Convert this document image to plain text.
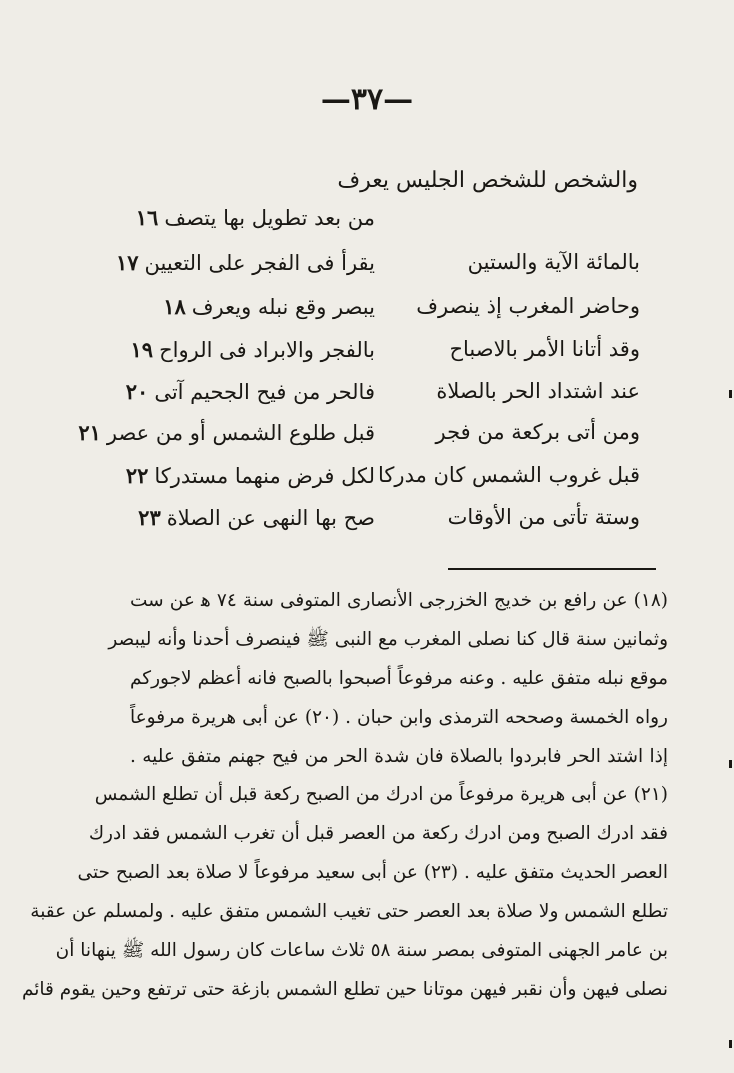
—٣٧—
والشخص للشخص الجليس يعرف
من بعد تطويل بها يتصف١٦
بالمائة الآية والستين
يقرأ فى الفجر على التعيين١٧
وحاضر المغرب إذ ينصرف
يبصر وقع نبله ويعرف١٨
وقد أتانا الأمر بالاصباح
بالفجر والابراد فى الرواح١٩
عند اشتداد الحر بالصلاة
فالحر من فيح الجحيم آتى٢٠
ومن أتى بركعة من فجر
قبل طلوع الشمس أو من عصر٢١
قبل غروب الشمس كان مدركا
لكل فرض منهما مستدركا٢٢
وستة تأتى من الأوقات
صح بها النهى عن الصلاة٢٣
(١٨) عن رافع بن خديج الخزرجى الأنصارى المتوفى سنة ٧٤ ﻫ عن ست
وثمانين سنة قال كنا نصلى المغرب مع النبى ﷺ فينصرف أحدنا وأنه ليبصر
موقع نبله متفق عليه . وعنه مرفوعاً أصبحوا بالصبح فانه أعظم لاجوركم
رواه الخمسة وصححه الترمذى وابن حبان . (٢٠) عن أبى هريرة مرفوعاً
إذا اشتد الحر فابردوا بالصلاة فان شدة الحر من فيح جهنم متفق عليه .
(٢١) عن أبى هريرة مرفوعاً من ادرك من الصبح ركعة قبل أن تطلع الشمس
فقد ادرك الصبح ومن ادرك ركعة من العصر قبل أن تغرب الشمس فقد ادرك
العصر الحديث متفق عليه . (٢٣) عن أبى سعيد مرفوعاً لا صلاة بعد الصبح حتى
تطلع الشمس ولا صلاة بعد العصر حتى تغيب الشمس متفق عليه . ولمسلم عن عقبة
بن عامر الجهنى المتوفى بمصر سنة ٥٨ ثلاث ساعات كان رسول الله ﷺ ينهانا أن
نصلى فيهن وأن نقبر فيهن موتانا حين تطلع الشمس بازغة حتى ترتفع وحين يقوم قائم
